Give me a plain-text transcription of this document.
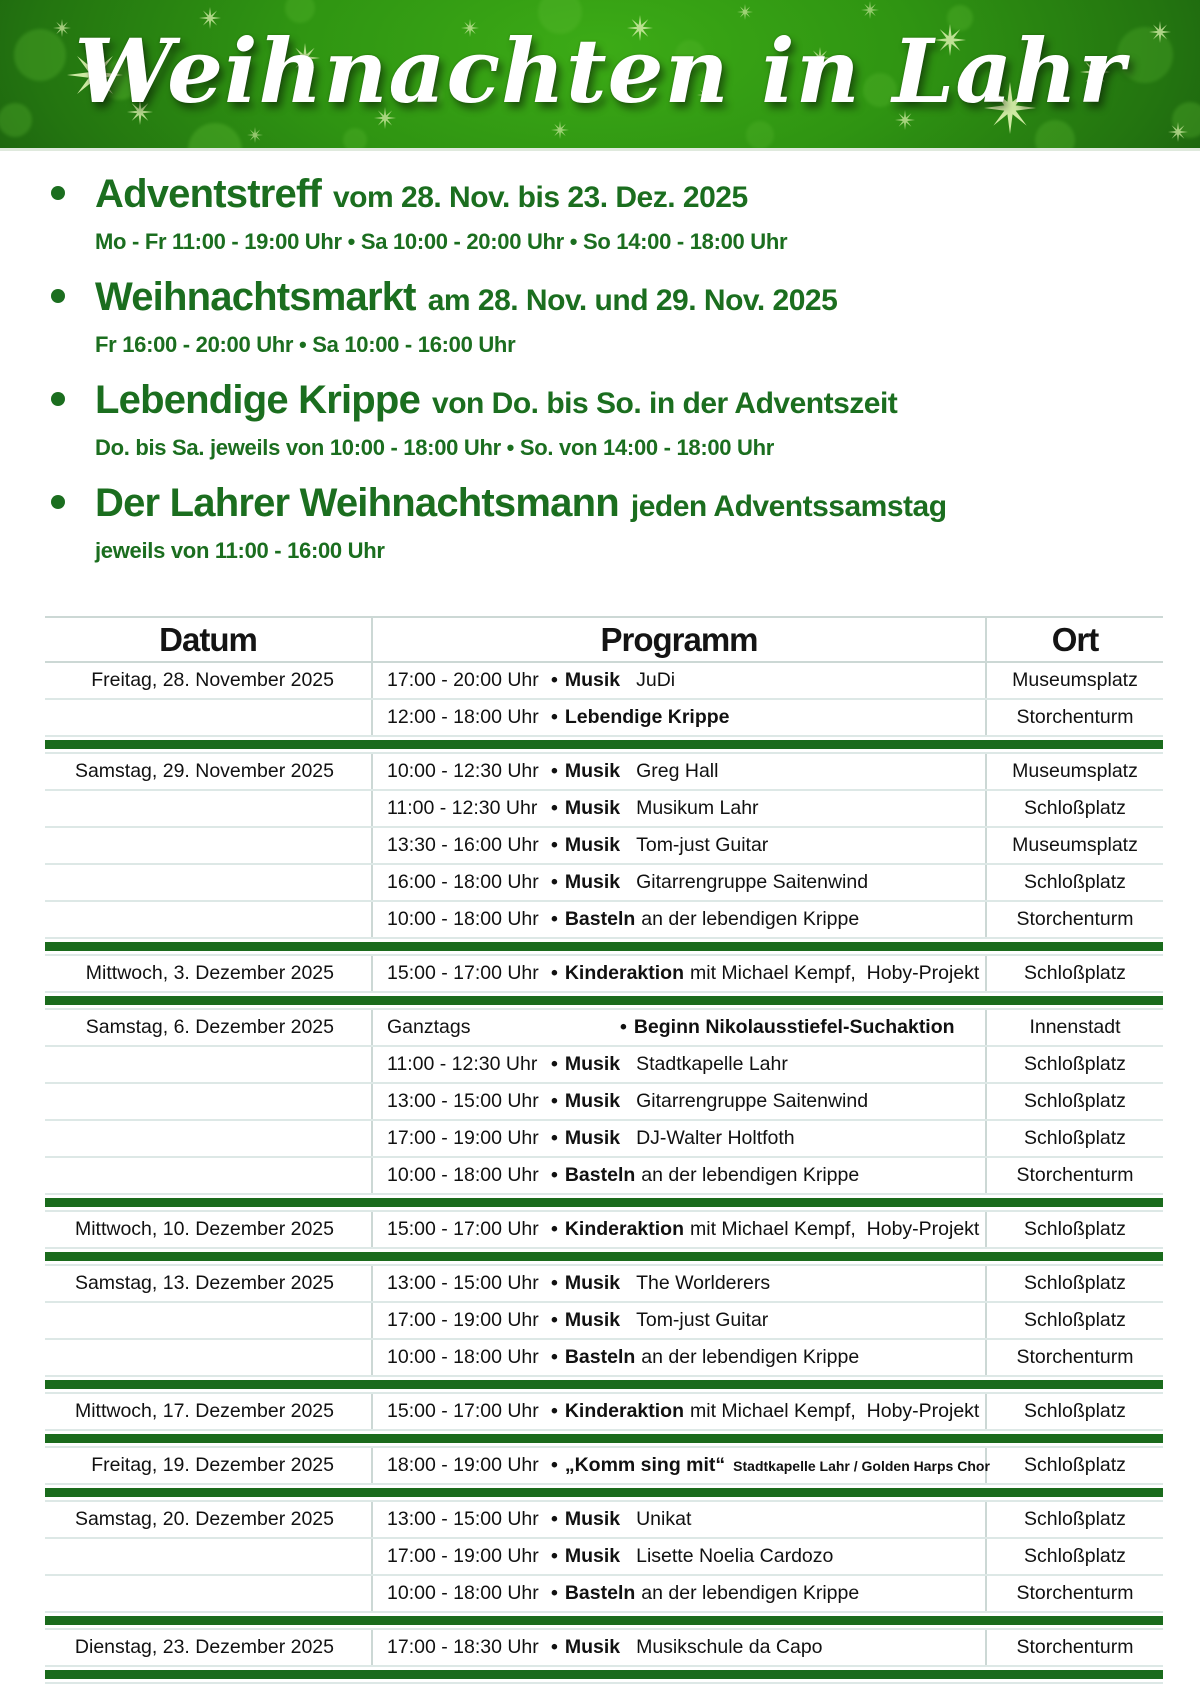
Weihnachten in Lahr
Adventstreff vom 28. Nov. bis 23. Dez. 2025
Mo - Fr 11:00 - 19:00 Uhr • Sa 10:00 - 20:00 Uhr • So 14:00 - 18:00 Uhr
Weihnachtsmarkt am 28. Nov. und 29. Nov. 2025
Fr 16:00 - 20:00 Uhr • Sa 10:00 - 16:00 Uhr
Lebendige Krippe von Do. bis So. in der Adventszeit
Do. bis Sa. jeweils von 10:00 - 18:00 Uhr • So. von 14:00 - 18:00 Uhr
Der Lahrer Weihnachtsmann jeden Adventssamstag
jeweils von 11:00 - 16:00 Uhr
Datum	Programm	Ort
Freitag, 28. November 2025	17:00 - 20:00 Uhr • Musik JuDi	Museumsplatz
12:00 - 18:00 Uhr • Lebendige Krippe	Storchenturm
Samstag, 29. November 2025	10:00 - 12:30 Uhr • Musik Greg Hall	Museumsplatz
11:00 - 12:30 Uhr • Musik Musikum Lahr	Schloßplatz
13:30 - 16:00 Uhr • Musik Tom-just Guitar	Museumsplatz
16:00 - 18:00 Uhr • Musik Gitarrengruppe Saitenwind	Schloßplatz
10:00 - 18:00 Uhr • Basteln an der lebendigen Krippe	Storchenturm
Mittwoch, 3. Dezember 2025	15:00 - 17:00 Uhr • Kinderaktion mit Michael Kempf,  Hoby-Projekt	Schloßplatz
Samstag, 6. Dezember 2025	Ganztags	• Beginn Nikolausstiefel-Suchaktion	Innenstadt
11:00 - 12:30 Uhr • Musik Stadtkapelle Lahr	Schloßplatz
13:00 - 15:00 Uhr • Musik Gitarrengruppe Saitenwind	Schloßplatz
17:00 - 19:00 Uhr • Musik DJ-Walter Holtfoth	Schloßplatz
10:00 - 18:00 Uhr • Basteln an der lebendigen Krippe	Storchenturm
Mittwoch, 10. Dezember 2025	15:00 - 17:00 Uhr • Kinderaktion mit Michael Kempf,  Hoby-Projekt	Schloßplatz
Samstag, 13. Dezember 2025	13:00 - 15:00 Uhr • Musik The Worlderers	Schloßplatz
17:00 - 19:00 Uhr • Musik Tom-just Guitar	Schloßplatz
10:00 - 18:00 Uhr • Basteln an der lebendigen Krippe	Storchenturm
Mittwoch, 17. Dezember 2025	15:00 - 17:00 Uhr • Kinderaktion mit Michael Kempf,  Hoby-Projekt	Schloßplatz
Freitag, 19. Dezember 2025	18:00 - 19:00 Uhr • „Komm sing mit“ Stadtkapelle Lahr / Golden Harps Chor	Schloßplatz
Samstag, 20. Dezember 2025	13:00 - 15:00 Uhr • Musik Unikat	Schloßplatz
17:00 - 19:00 Uhr • Musik Lisette Noelia Cardozo	Schloßplatz
10:00 - 18:00 Uhr • Basteln an der lebendigen Krippe	Storchenturm
Dienstag, 23. Dezember 2025	17:00 - 18:30 Uhr • Musik Musikschule da Capo	Storchenturm
